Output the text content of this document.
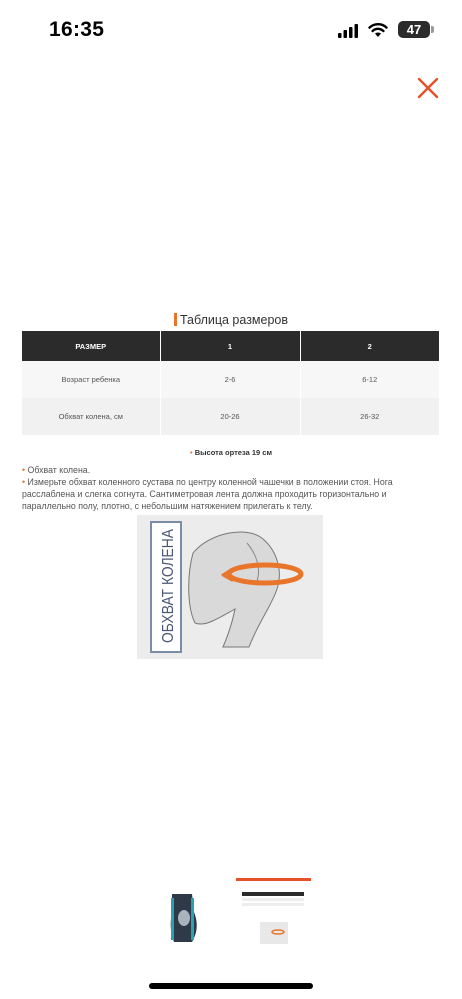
16:35	47
Таблица размеров
РАЗМЕР	1	2
Возраст ребенка	2-6	6-12
Обхват колена, см	20-26	26-32
• Высота ортеза 19 см
• Обхват колена.
• Измерьте обхват коленного сустава по центру коленной чашечки в положении стоя. Нога расслаблена и слегка согнута. Сантиметровая лента должна проходить горизонтально и параллельно полу, плотно, с небольшим натяжением прилегать к телу.
ОБХВАТ КОЛЕНА
